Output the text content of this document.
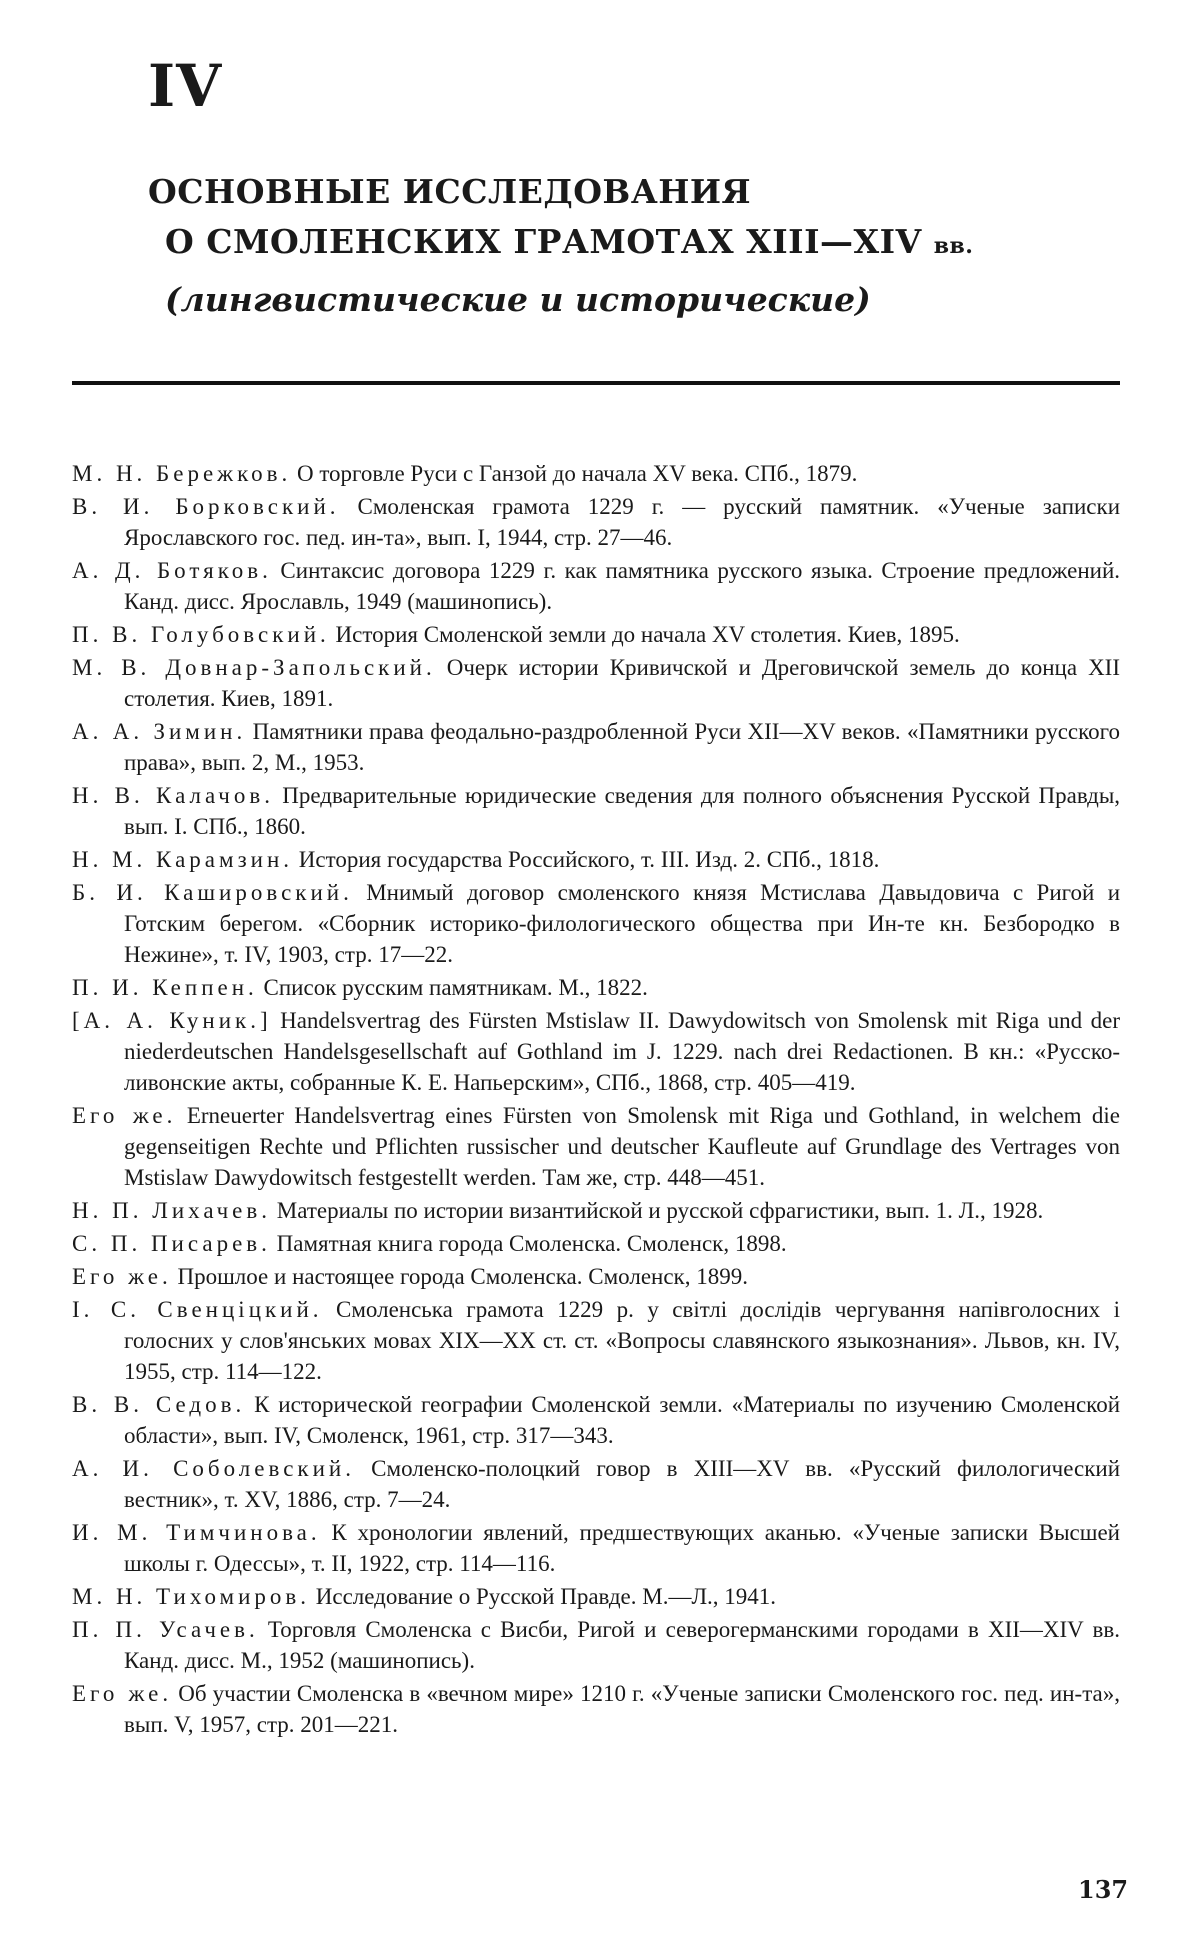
IV
ОСНОВНЫЕ ИССЛЕДОВАНИЯ
О СМОЛЕНСКИХ ГРАМОТАХ XIII—XIV вв.
(лингвистические и исторические)

М. Н. Бережков. О торговле Руси с Ганзой до начала XV века. СПб., 1879.

В. И. Борковский. Смоленская грамота 1229 г. — русский памятник. «Ученые записки Ярославского гос. пед. ин-та», вып. I, 1944, стр. 27—46.

А. Д. Ботяков. Синтаксис договора 1229 г. как памятника русского языка. Строение предложений. Канд. дисс. Ярославль, 1949 (машинопись).

П. В. Голубовский. История Смоленской земли до начала XV столетия. Киев, 1895.

М. В. Довнар-Запольский. Очерк истории Кривичской и Дреговичской земель до конца XII столетия. Киев, 1891.

А. А. Зимин. Памятники права феодально-раздробленной Руси XII—XV веков. «Памятники русского права», вып. 2, М., 1953.

Н. В. Калачов. Предварительные юридические сведения для полного объяснения Русской Правды, вып. I. СПб., 1860.

Н. М. Карамзин. История государства Российского, т. III. Изд. 2. СПб., 1818.

Б. И. Кашировский. Мнимый договор смоленского князя Мстислава Давыдовича с Ригой и Готским берегом. «Сборник историко-филологического общества при Ин-те кн. Безбородко в Нежине», т. IV, 1903, стр. 17—22.

П. И. Кеппен. Список русским памятникам. М., 1822.

[А. А. Куник.] Handelsvertrag des Fürsten Mstislaw II. Dawydowitsch von Smolensk mit Riga und der niederdeutschen Handelsgesellschaft auf Gothland im J. 1229. nach drei Redactionen. В кн.: «Русско-ливонские акты, собранные К. Е. Напьерским», СПб., 1868, стр. 405—419.

Его же. Erneuerter Handelsvertrag eines Fürsten von Smolensk mit Riga und Gothland, in welchem die gegenseitigen Rechte und Pflichten russischer und deutscher Kaufleute auf Grundlage des Vertrages von Mstislaw Dawydowitsch festgestellt werden. Там же, стр. 448—451.

Н. П. Лихачев. Материалы по истории византийской и русской сфрагистики, вып. 1. Л., 1928.

С. П. Писарев. Памятная книга города Смоленска. Смоленск, 1898.

Его же. Прошлое и настоящее города Смоленска. Смоленск, 1899.

І. С. Свенціцкий. Смоленська грамота 1229 р. у світлі дослідів чергування напівголосних і голосних у слов'янських мовах XIX—XX ст. ст. «Вопросы славянского языкознания». Львов, кн. IV, 1955, стр. 114—122.

В. В. Седов. К исторической географии Смоленской земли. «Материалы по изучению Смоленской области», вып. IV, Смоленск, 1961, стр. 317—343.

А. И. Соболевский. Смоленско-полоцкий говор в XIII—XV вв. «Русский филологический вестник», т. XV, 1886, стр. 7—24.

И. М. Тимчинова. К хронологии явлений, предшествующих аканью. «Ученые записки Высшей школы г. Одессы», т. II, 1922, стр. 114—116.

М. Н. Тихомиров. Исследование о Русской Правде. М.—Л., 1941.

П. П. Усачев. Торговля Смоленска с Висби, Ригой и северогерманскими городами в XII—XIV вв. Канд. дисс. М., 1952 (машинопись).

Его же. Об участии Смоленска в «вечном мире» 1210 г. «Ученые записки Смоленского гос. пед. ин-та», вып. V, 1957, стр. 201—221.

137
